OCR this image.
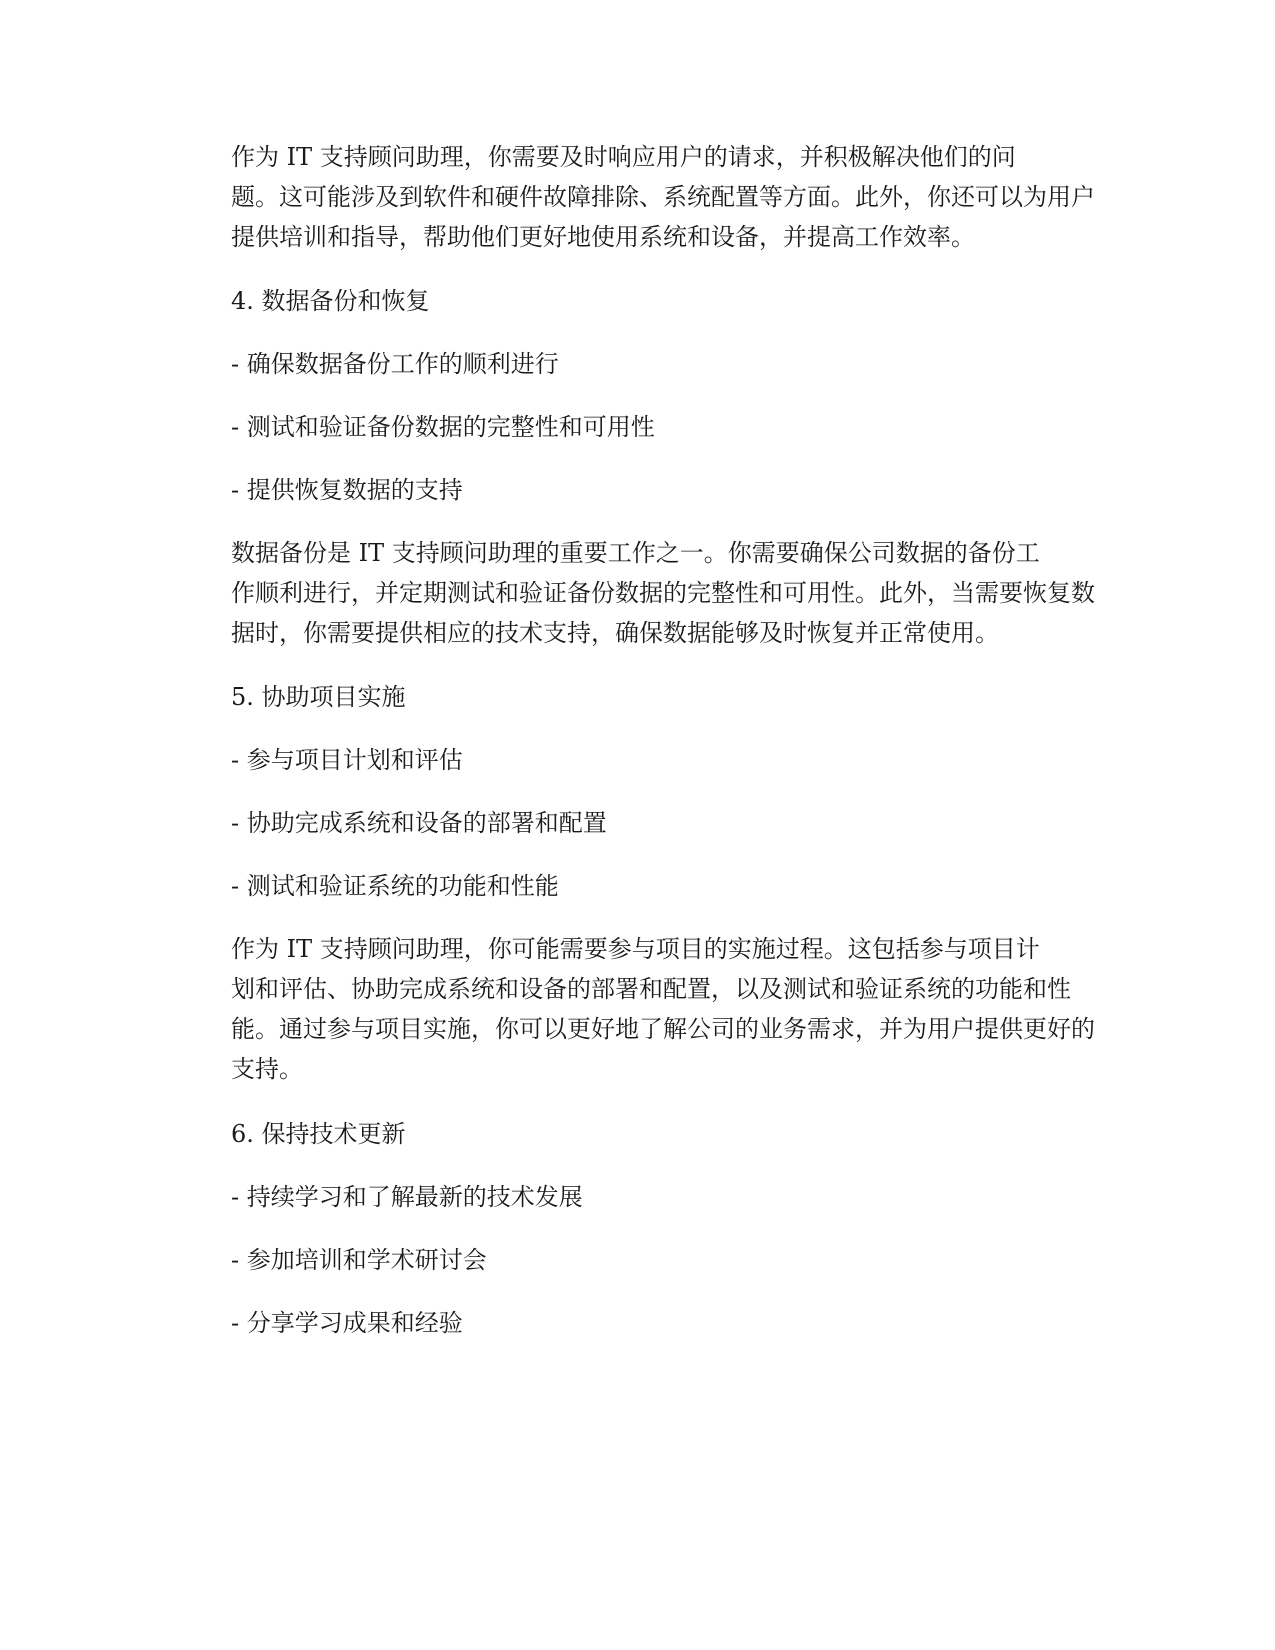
作为 IT 支持顾问助理，你需要及时响应用户的请求，并积极解决他们的问
题。这可能涉及到软件和硬件故障排除、系统配置等方面。此外，你还可以为用户
提供培训和指导，帮助他们更好地使用系统和设备，并提高工作效率。
4. 数据备份和恢复
- 确保数据备份工作的顺利进行
- 测试和验证备份数据的完整性和可用性
- 提供恢复数据的支持
数据备份是 IT 支持顾问助理的重要工作之一。你需要确保公司数据的备份工
作顺利进行，并定期测试和验证备份数据的完整性和可用性。此外，当需要恢复数
据时，你需要提供相应的技术支持，确保数据能够及时恢复并正常使用。
5. 协助项目实施
- 参与项目计划和评估
- 协助完成系统和设备的部署和配置
- 测试和验证系统的功能和性能
作为 IT 支持顾问助理，你可能需要参与项目的实施过程。这包括参与项目计
划和评估、协助完成系统和设备的部署和配置，以及测试和验证系统的功能和性
能。通过参与项目实施，你可以更好地了解公司的业务需求，并为用户提供更好的
支持。
6. 保持技术更新
- 持续学习和了解最新的技术发展
- 参加培训和学术研讨会
- 分享学习成果和经验
